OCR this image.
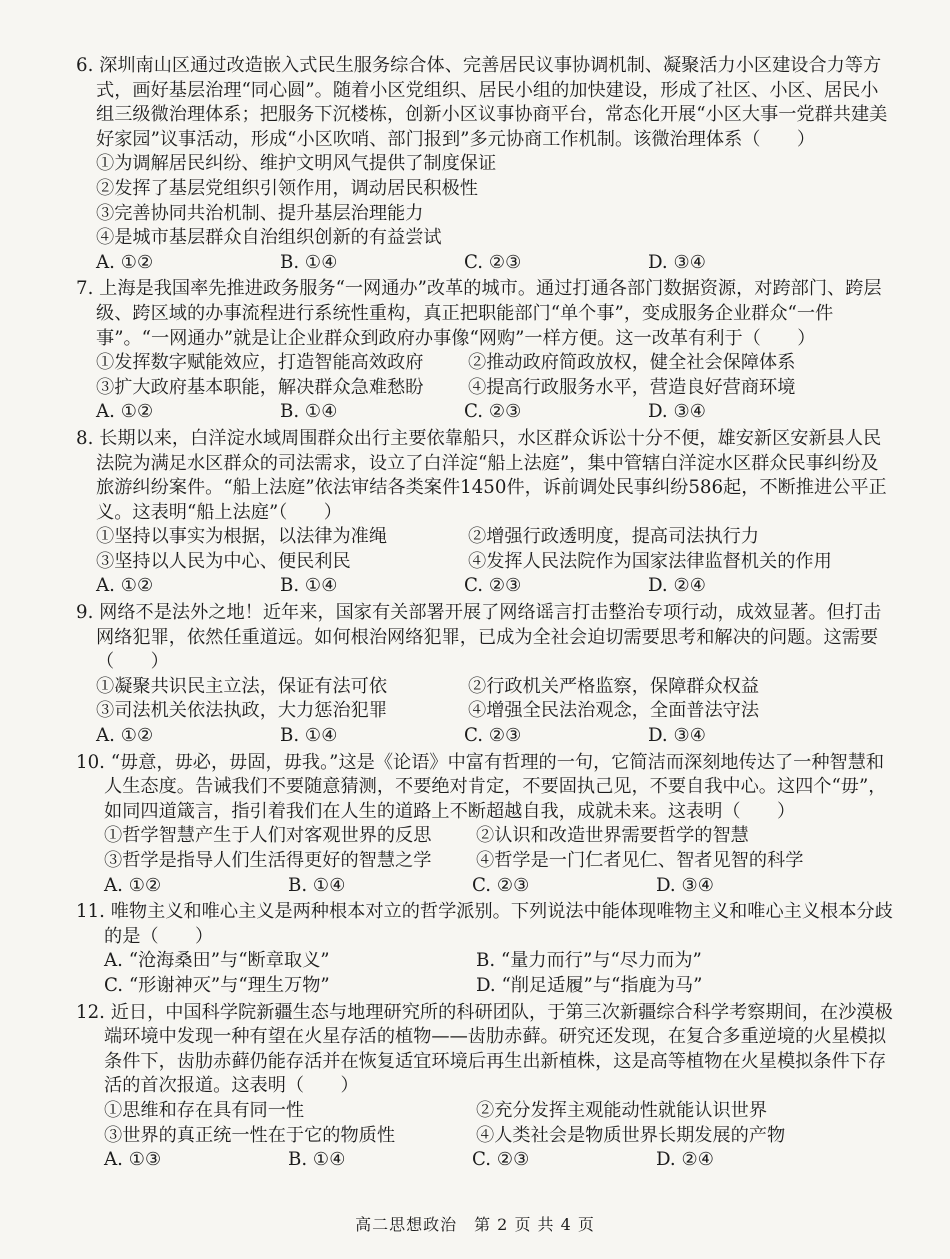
6. 深圳南山区通过改造嵌入式民生服务综合体、完善居民议事协调机制、凝聚活力小区建设合力等方式，画好基层治理“同心圆”。随着小区党组织、居民小组的加快建设，形成了社区、小区、居民小组三级微治理体系；把服务下沉楼栋，创新小区议事协商平台，常态化开展“小区大事一党群共建美好家园”议事活动，形成“小区吹哨、部门报到”多元协商工作机制。该微治理体系（　　）
①为调解居民纠纷、维护文明风气提供了制度保证
②发挥了基层党组织引领作用，调动居民积极性
③完善协同共治机制、提升基层治理能力
④是城市基层群众自治组织创新的有益尝试
A. ①②	B. ①④	C. ②③	D. ③④
7. 上海是我国率先推进政务服务“一网通办”改革的城市。通过打通各部门数据资源，对跨部门、跨层级、跨区域的办事流程进行系统性重构，真正把职能部门“单个事”，变成服务企业群众“一件事”。“一网通办”就是让企业群众到政府办事像“网购”一样方便。这一改革有利于（　　）
①发挥数字赋能效应，打造智能高效政府	②推动政府简政放权，健全社会保障体系
③扩大政府基本职能，解决群众急难愁盼	④提高行政服务水平，营造良好营商环境
A. ①②	B. ①④	C. ②③	D. ③④
8. 长期以来，白洋淀水域周围群众出行主要依靠船只，水区群众诉讼十分不便，雄安新区安新县人民法院为满足水区群众的司法需求，设立了白洋淀“船上法庭”，集中管辖白洋淀水区群众民事纠纷及旅游纠纷案件。“船上法庭”依法审结各类案件1450件，诉前调处民事纠纷586起，不断推进公平正义。这表明“船上法庭”（　　）
①坚持以事实为根据，以法律为准绳	②增强行政透明度，提高司法执行力
③坚持以人民为中心、便民利民	④发挥人民法院作为国家法律监督机关的作用
A. ①②	B. ①④	C. ②③	D. ②④
9. 网络不是法外之地！近年来，国家有关部署开展了网络谣言打击整治专项行动，成效显著。但打击网络犯罪，依然任重道远。如何根治网络犯罪，已成为全社会迫切需要思考和解决的问题。这需要（　　）
①凝聚共识民主立法，保证有法可依	②行政机关严格监察，保障群众权益
③司法机关依法执政，大力惩治犯罪	④增强全民法治观念，全面普法守法
A. ①②	B. ①④	C. ②③	D. ③④
10. “毋意，毋必，毋固，毋我。”这是《论语》中富有哲理的一句，它简洁而深刻地传达了一种智慧和人生态度。告诫我们不要随意猜测，不要绝对肯定，不要固执己见，不要自我中心。这四个“毋”，如同四道箴言，指引着我们在人生的道路上不断超越自我，成就未来。这表明（　　）
①哲学智慧产生于人们对客观世界的反思	②认识和改造世界需要哲学的智慧
③哲学是指导人们生活得更好的智慧之学	④哲学是一门仁者见仁、智者见智的科学
A. ①②	B. ①④	C. ②③	D. ③④
11. 唯物主义和唯心主义是两种根本对立的哲学派别。下列说法中能体现唯物主义和唯心主义根本分歧的是（　　）
A. “沧海桑田”与“断章取义”	B. “量力而行”与“尽力而为”
C. “形谢神灭”与“理生万物”	D. “削足适履”与“指鹿为马”
12. 近日，中国科学院新疆生态与地理研究所的科研团队，于第三次新疆综合科学考察期间，在沙漠极端环境中发现一种有望在火星存活的植物——齿肋赤藓。研究还发现，在复合多重逆境的火星模拟条件下，齿肋赤藓仍能存活并在恢复适宜环境后再生出新植株，这是高等植物在火星模拟条件下存活的首次报道。这表明（　　）
①思维和存在具有同一性	②充分发挥主观能动性就能认识世界
③世界的真正统一性在于它的物质性	④人类社会是物质世界长期发展的产物
A. ①③	B. ①④	C. ②③	D. ②④
高二思想政治　第 2 页 共 4 页
